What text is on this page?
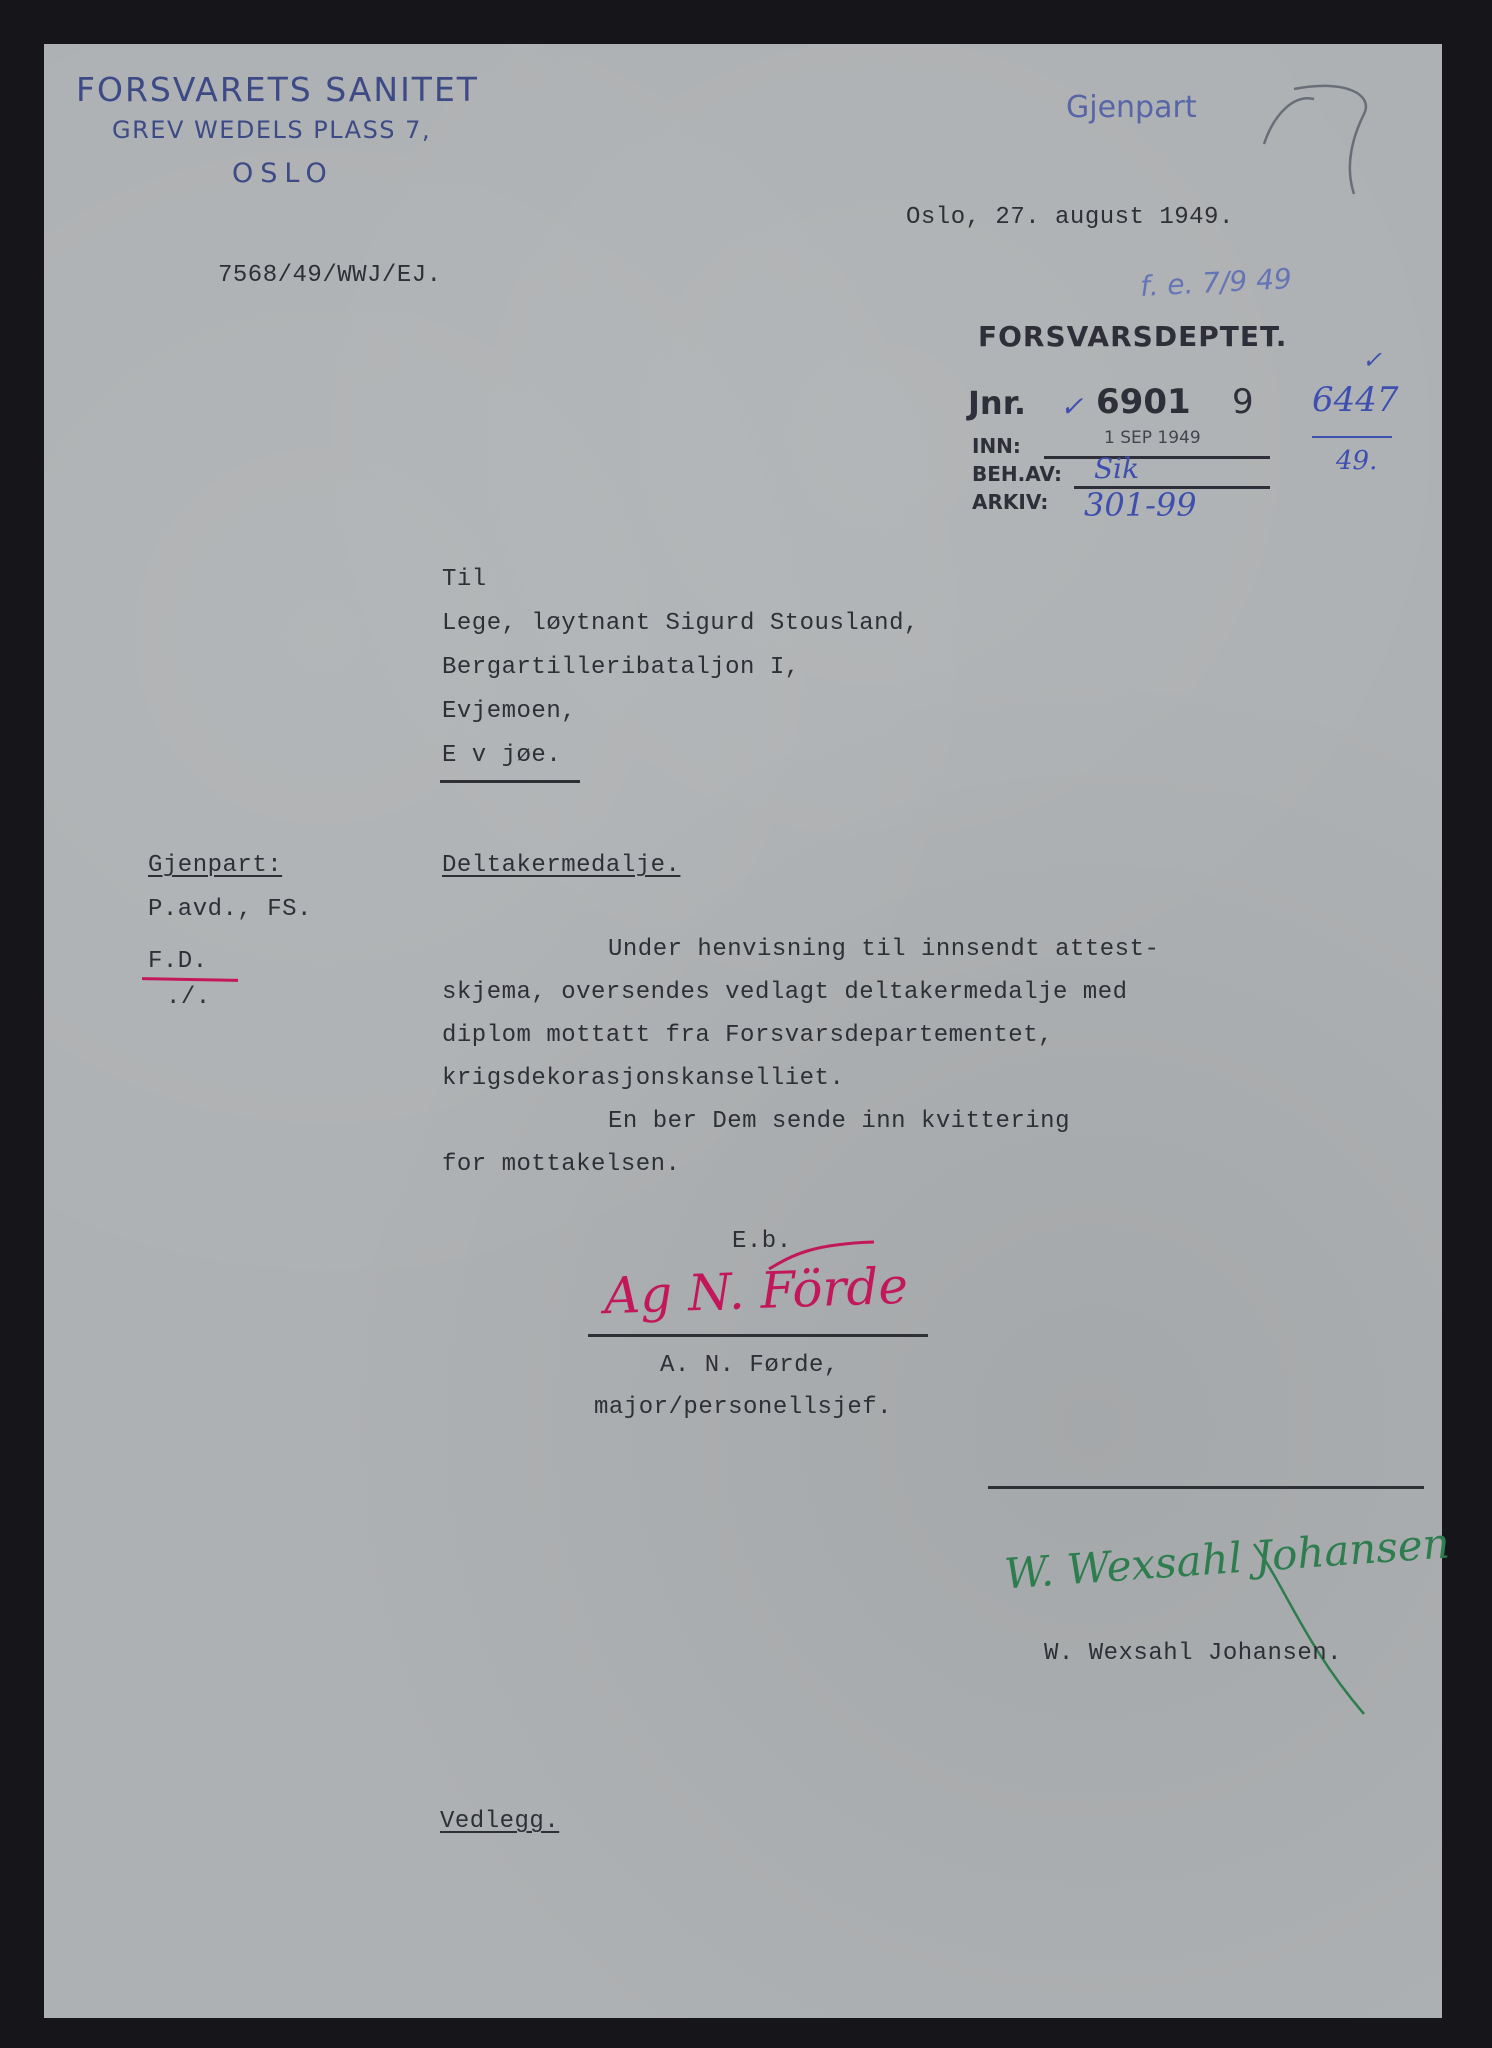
FORSVARETS SANITET
GREV WEDELS PLASS 7,
OSLO
Gjenpart
Oslo, 27. august 1949.
7568/49/WWJ/EJ.	f. e. 7/9 49
FORSVARSDEPTET.
Jnr. ✓ 6901 9 6447
✓
49.
INN:	1 SEP 1949
BEH.AV: Sik
ARKIV: 301-99
Til
Lege, løytnant Sigurd Stousland,
Bergartilleribataljon I,
Evjemoen,
E v jøe.
Gjenpart:
P.avd., FS.
F.D.
./.
Deltakermedalje.
Under henvisning til innsendt attest-
skjema, oversendes vedlagt deltakermedalje med
diplom mottatt fra Forsvarsdepartementet,
krigsdekorasjonskanselliet.
En ber Dem sende inn kvittering
for mottakelsen.
E.b.
Ag N. Förde
A. N. Førde,
major/personellsjef.
W. Wexsahl Johansen
W. Wexsahl Johansen.
Vedlegg.
